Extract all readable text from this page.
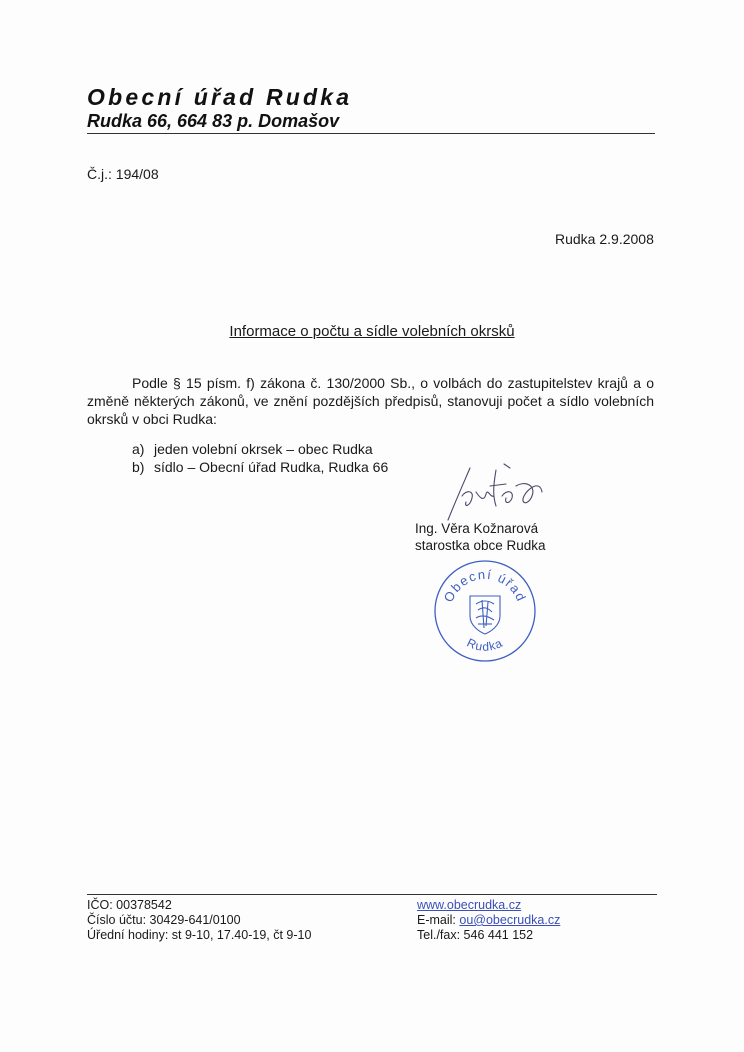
Obecní úřad Rudka
Rudka 66, 664 83 p. Domašov
Č.j.: 194/08
Rudka 2.9.2008
Informace o počtu a sídle volebních okrsků
Podle § 15 písm. f) zákona č. 130/2000 Sb., o volbách do zastupitelstev krajů a o změně některých zákonů, ve znění pozdějších předpisů, stanovuji počet a sídlo volebních okrsků v obci Rudka:
a) jeden volební okrsek – obec Rudka
b) sídlo – Obecní úřad Rudka, Rudka 66
Ing. Věra Kožnarová
starostka obce Rudka
Obecní úřad
Rudka
IČO: 00378542
Číslo účtu: 30429-641/0100
Úřední hodiny: st 9-10, 17.40-19, čt 9-10
www.obecrudka.cz
E-mail: ou@obecrudka.cz
Tel./fax: 546 441 152
